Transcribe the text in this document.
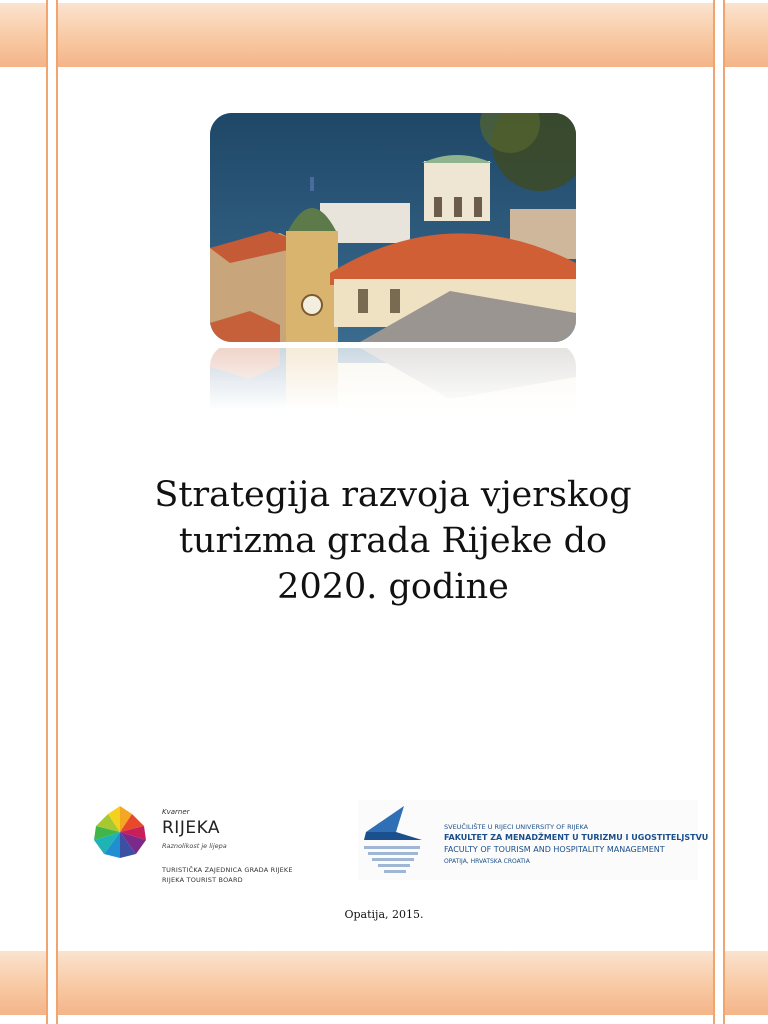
Strategija razvoja vjerskog
turizma grada Rijeke do
2020. godine
Kvarner
RIJEKA
Raznolikost je lijepa
TURISTIČKA ZAJEDNICA GRADA RIJEKE
RIJEKA TOURIST BOARD
SVEUČILIŠTE U RIJECI UNIVERSITY OF RIJEKA
FAKULTET ZA MENADŽMENT U TURIZMU I UGOSTITELJSTVU
FACULTY OF TOURISM AND HOSPITALITY MANAGEMENT
OPATIJA, HRVATSKA CROATIA
Opatija, 2015.
